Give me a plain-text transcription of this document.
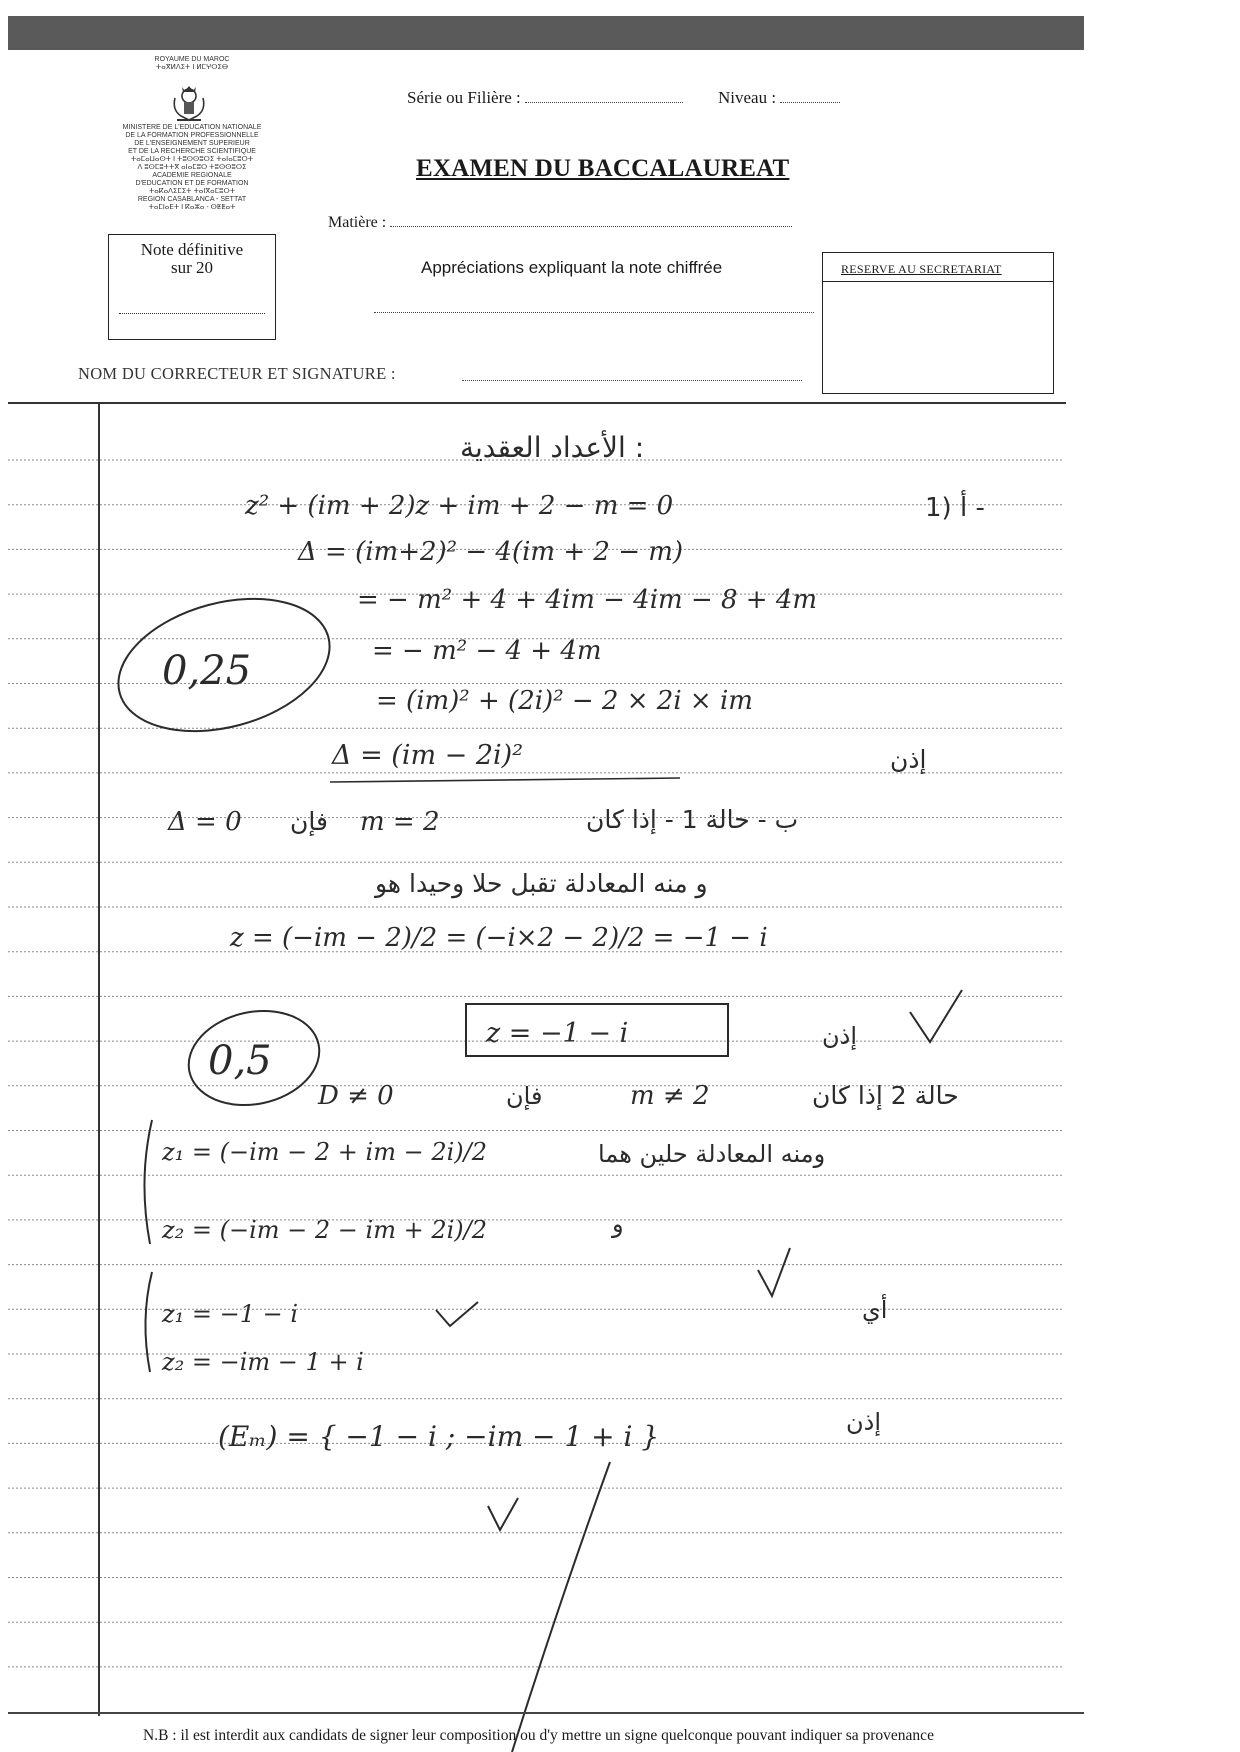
ROYAUME DU MAROC
ⵜⴰⴳⵍⴷⵉⵜ ⵏ ⵍⵎⵖⵔⵉⴱ
MINISTERE DE L'EDUCATION NATIONALE
DE LA FORMATION PROFESSIONNELLE
DE L'ENSEIGNEMENT SUPERIEUR
ET DE LA RECHERCHE SCIENTIFIQUE
ⵜⴰⵎⴰⵡⴰⵙⵜ ⵏ ⵜⵓⵙⵙⵓⵔⵉ ⵜⴰⵏⴰⵎⵓⵔⵜ
ⴷ ⵓⵙⵎⵓⵜⵜⴳ ⴰⵏⴰⵎⵓⵔ ⵜⵓⵙⵙⵓⵔⵉ
ACADEMIE REGIONALE
D'EDUCATION ET DE FORMATION
ⵜⴰⴽⴰⴷⵉⵎⵉⵜ ⵜⴰⵏⴳⴰⵎⵓⵔⵜ
REGION CASABLANCA - SETTAT
ⵜⴰⵎⵏⴰⴹⵜ ⵏ ⴽⴰⵣⴰ - ⵙⵟⵟⴰⵜ
Série ou Filière :	Niveau :
EXAMEN DU BACCALAUREAT
Matière :
Note définitive
sur 20	Appréciations expliquant la note chiffrée	RESERVE AU SECRETARIAT
NOM DU CORRECTEUR ET SIGNATURE :
الأعداد العقدية :
1) أ -
z² + (im + 2)z + im + 2 − m = 0
Δ = (im+2)² − 4(im + 2 − m)
= − m² + 4 + 4im − 4im − 8 + 4m
= − m² − 4 + 4m
= (im)² + (2i)² − 2 × 2i × im
Δ = (im − 2i)²	إذن
Δ = 0	m = 2
فإن	ب - حالة 1 - إذا كان
و منه المعادلة تقبل حلا وحيدا هو
z = (−im − 2)/2 = (−i×2 − 2)/2 = −1 − i
z = −1 − i	إذن
D ≠ 0	فإن	m ≠ 2	حالة 2 إذا كان
ومنه المعادلة حلين هما
z₁ = (−im − 2 + im − 2i)/2
z₂ = (−im − 2 − im + 2i)/2	و
z₁ = −1 − i
z₂ = −im − 1 + i
أي
(Eₘ) = { −1 − i ; −im − 1 + i }	إذن
0,25
0,5
N.B : il est interdit aux candidats de signer leur composition ou d'y mettre un signe quelconque pouvant indiquer sa provenance
